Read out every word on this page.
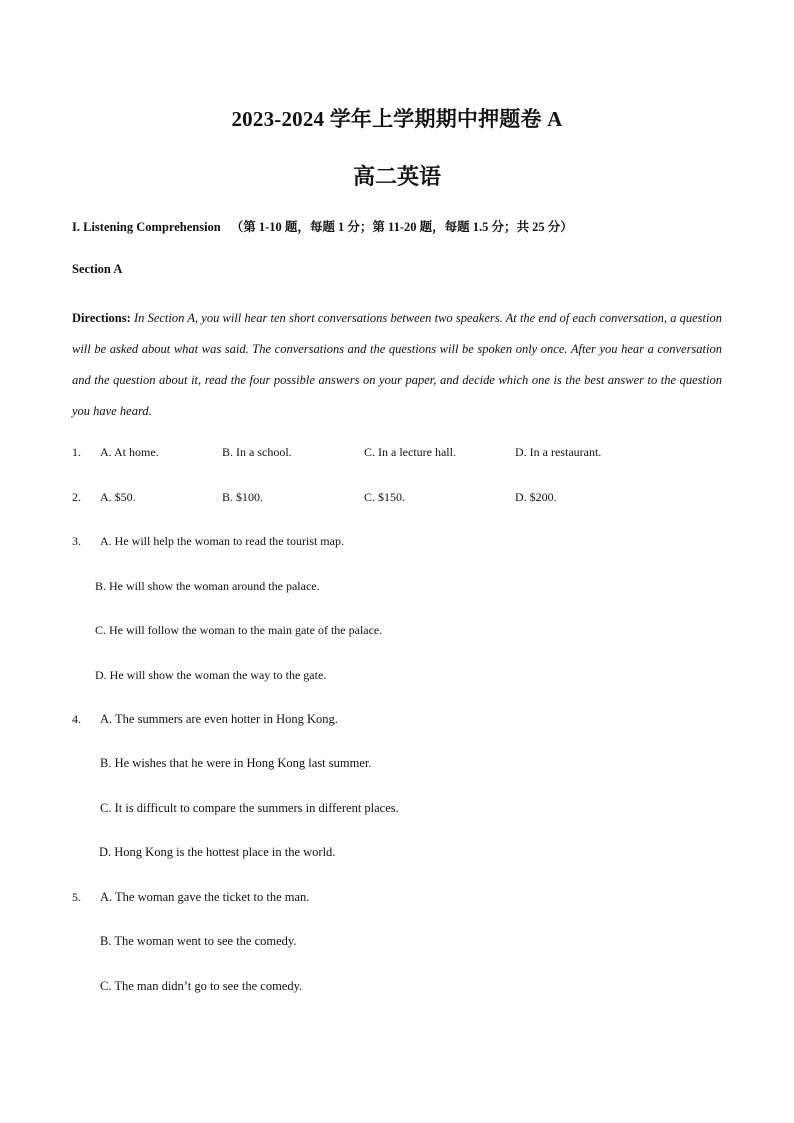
2023-2024 学年上学期期中押题卷 A
高二英语

I. Listening Comprehension （第 1-10 题，每题 1 分；第 11-20 题，每题 1.5 分；共 25 分）

Section A

Directions: In Section A, you will hear ten short conversations between two speakers. At the end of each conversation, a question will be asked about what was said. The conversations and the questions will be spoken only once. After you hear a conversation and the question about it, read the four possible answers on your paper, and decide which one is the best answer to the question you have heard.

1. A. At home.	B. In a school.	C. In a lecture hall.	D. In a restaurant.
2. A. $50.	B. $100.	C. $150.	D. $200.
3. A. He will help the woman to read the tourist map.
B. He will show the woman around the palace.
C. He will follow the woman to the main gate of the palace.
D. He will show the woman the way to the gate.
4. A. The summers are even hotter in Hong Kong.
B. He wishes that he were in Hong Kong last summer.
C. It is difficult to compare the summers in different places.
D. Hong Kong is the hottest place in the world.
5. A. The woman gave the ticket to the man.
B. The woman went to see the comedy.
C. The man didn’t go to see the comedy.
